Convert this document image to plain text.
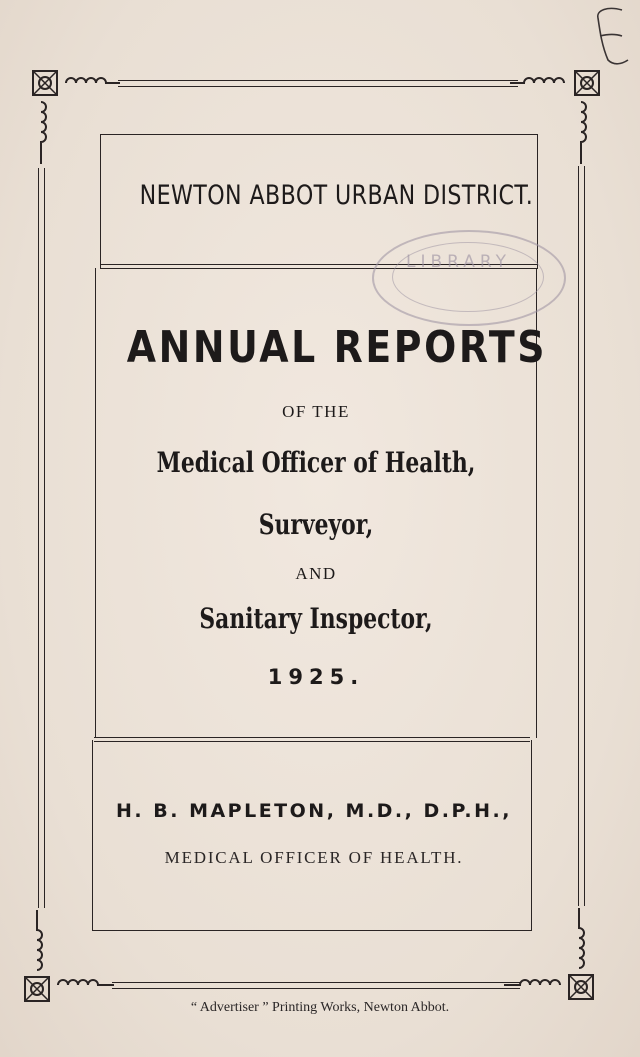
LIBRARY
NEWTON ABBOT URBAN DISTRICT.
ANNUAL REPORTS
OF THE
Medical Officer of Health,
Surveyor,
AND
Sanitary Inspector,
1925.
H. B. MAPLETON, M.D., D.P.H.,
MEDICAL OFFICER OF HEALTH.
“ Advertiser ” Printing Works, Newton Abbot.
